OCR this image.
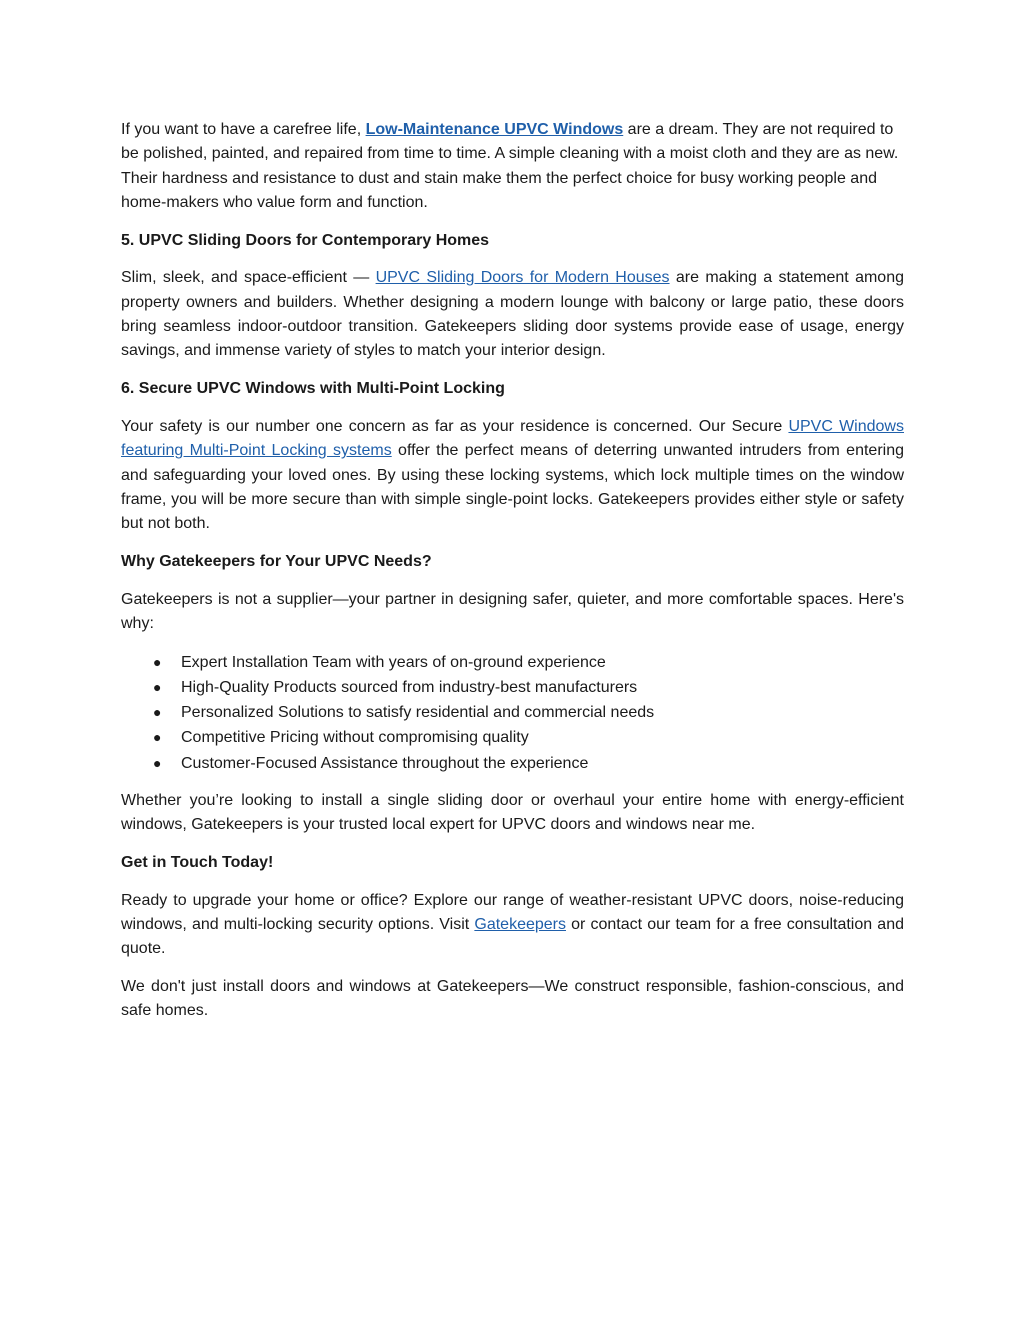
If you want to have a carefree life, Low-Maintenance UPVC Windows are a dream. They are not required to be polished, painted, and repaired from time to time. A simple cleaning with a moist cloth and they are as new. Their hardness and resistance to dust and stain make them the perfect choice for busy working people and home-makers who value form and function.

5. UPVC Sliding Doors for Contemporary Homes

Slim, sleek, and space-efficient — UPVC Sliding Doors for Modern Houses are making a statement among property owners and builders. Whether designing a modern lounge with balcony or large patio, these doors bring seamless indoor-outdoor transition. Gatekeepers sliding door systems provide ease of usage, energy savings, and immense variety of styles to match your interior design.

6. Secure UPVC Windows with Multi-Point Locking

Your safety is our number one concern as far as your residence is concerned. Our Secure UPVC Windows featuring Multi-Point Locking systems offer the perfect means of deterring unwanted intruders from entering and safeguarding your loved ones. By using these locking systems, which lock multiple times on the window frame, you will be more secure than with simple single-point locks. Gatekeepers provides either style or safety but not both.

Why Gatekeepers for Your UPVC Needs?

Gatekeepers is not a supplier—your partner in designing safer, quieter, and more comfortable spaces. Here's why:

● Expert Installation Team with years of on-ground experience
● High-Quality Products sourced from industry-best manufacturers
● Personalized Solutions to satisfy residential and commercial needs
● Competitive Pricing without compromising quality
● Customer-Focused Assistance throughout the experience

Whether you’re looking to install a single sliding door or overhaul your entire home with energy-efficient windows, Gatekeepers is your trusted local expert for UPVC doors and windows near me.

Get in Touch Today!

Ready to upgrade your home or office? Explore our range of weather-resistant UPVC doors, noise-reducing windows, and multi-locking security options. Visit Gatekeepers or contact our team for a free consultation and quote.

We don't just install doors and windows at Gatekeepers—We construct responsible, fashion-conscious, and safe homes.
